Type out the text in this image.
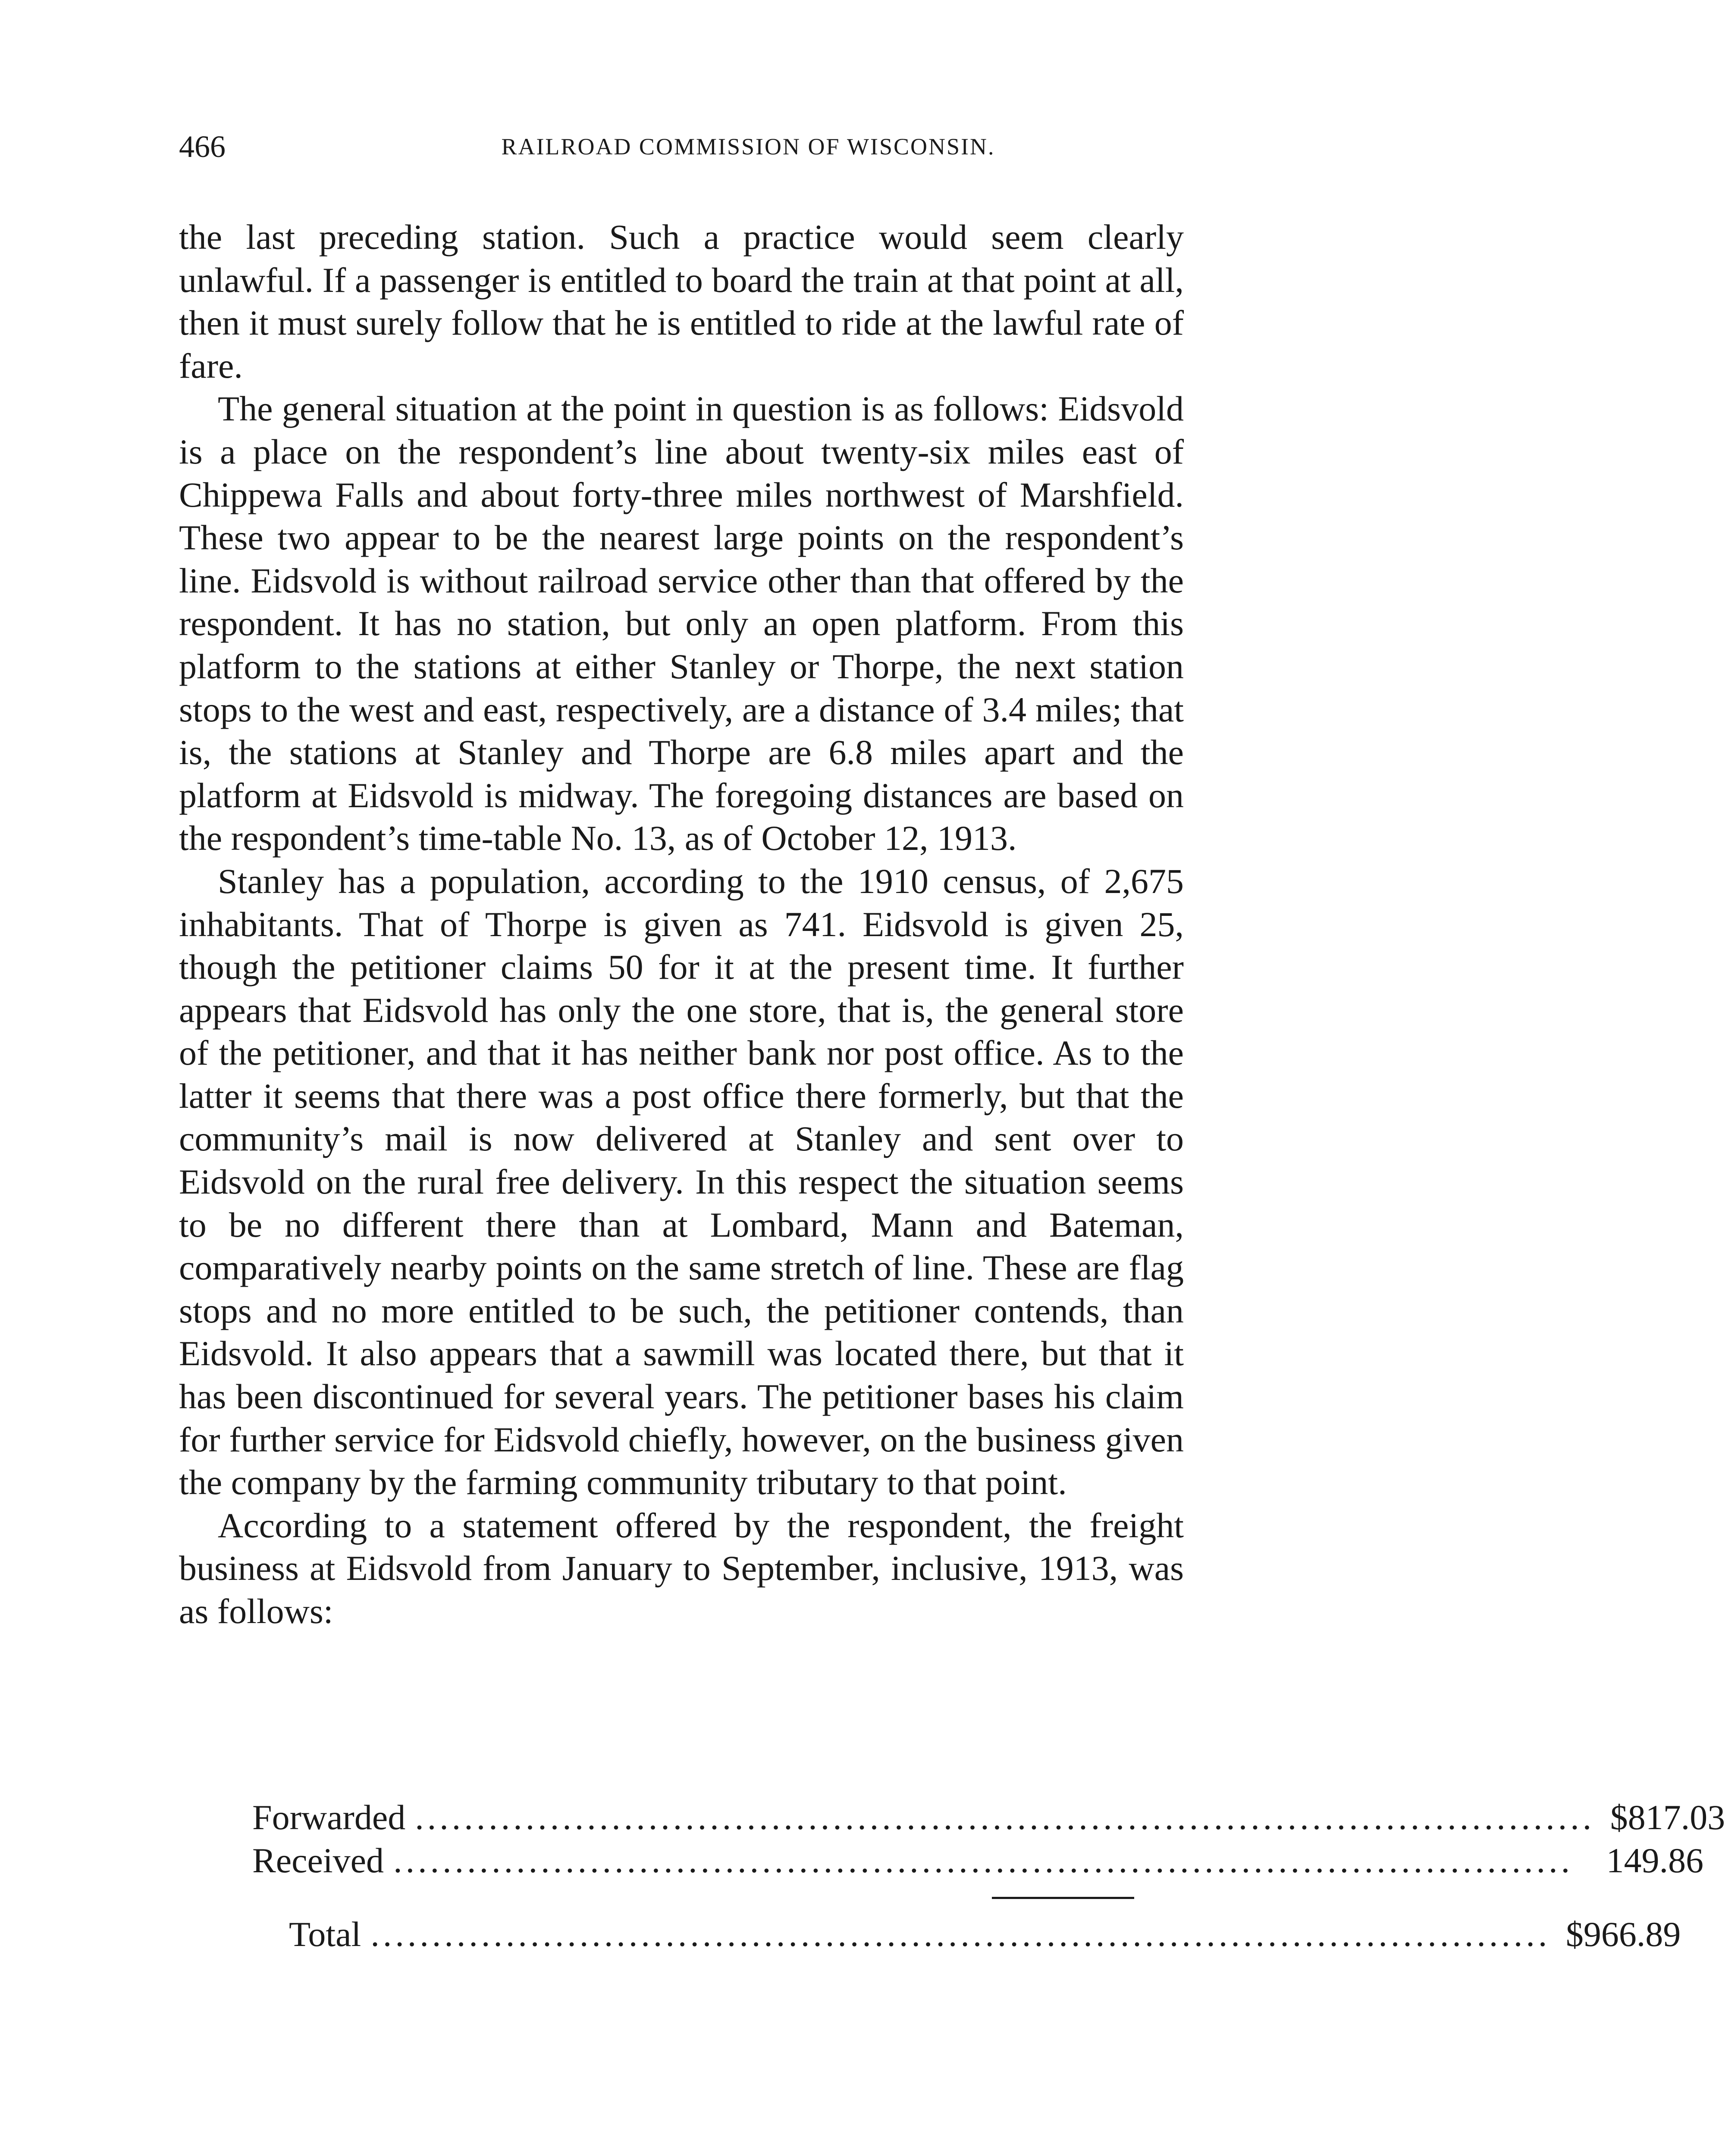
466	RAILROAD COMMISSION OF WISCONSIN.

the last preceding station. Such a practice would seem clearly unlawful. If a passenger is entitled to board the train at that point at all, then it must surely follow that he is entitled to ride at the lawful rate of fare.

The general situation at the point in question is as follows: Eidsvold is a place on the respondent’s line about twenty-six miles east of Chippewa Falls and about forty-three miles northwest of Marshfield. These two appear to be the nearest large points on the respondent’s line. Eidsvold is without railroad service other than that offered by the respondent. It has no station, but only an open platform. From this platform to the stations at either Stanley or Thorpe, the next station stops to the west and east, respectively, are a distance of 3.4 miles; that is, the stations at Stanley and Thorpe are 6.8 miles apart and the platform at Eidsvold is midway. The foregoing distances are based on the respondent’s time-table No. 13, as of October 12, 1913.

Stanley has a population, according to the 1910 census, of 2,675 inhabitants. That of Thorpe is given as 741. Eidsvold is given 25, though the petitioner claims 50 for it at the present time. It further appears that Eidsvold has only the one store, that is, the general store of the petitioner, and that it has neither bank nor post office. As to the latter it seems that there was a post office there formerly, but that the community’s mail is now delivered at Stanley and sent over to Eidsvold on the rural free delivery. In this respect the situation seems to be no different there than at Lombard, Mann and Bateman, comparatively nearby points on the same stretch of line. These are flag stops and no more entitled to be such, the petitioner contends, than Eidsvold. It also appears that a sawmill was located there, but that it has been discontinued for several years. The petitioner bases his claim for further service for Eidsvold chiefly, however, on the business given the company by the farming community tributary to that point.

According to a statement offered by the respondent, the freight business at Eidsvold from January to September, inclusive, 1913, was as follows:

Forwarded ................................................................................................ $817.03
Received ................................................................................................ 149.86
Total ................................................................................................ $966.89
